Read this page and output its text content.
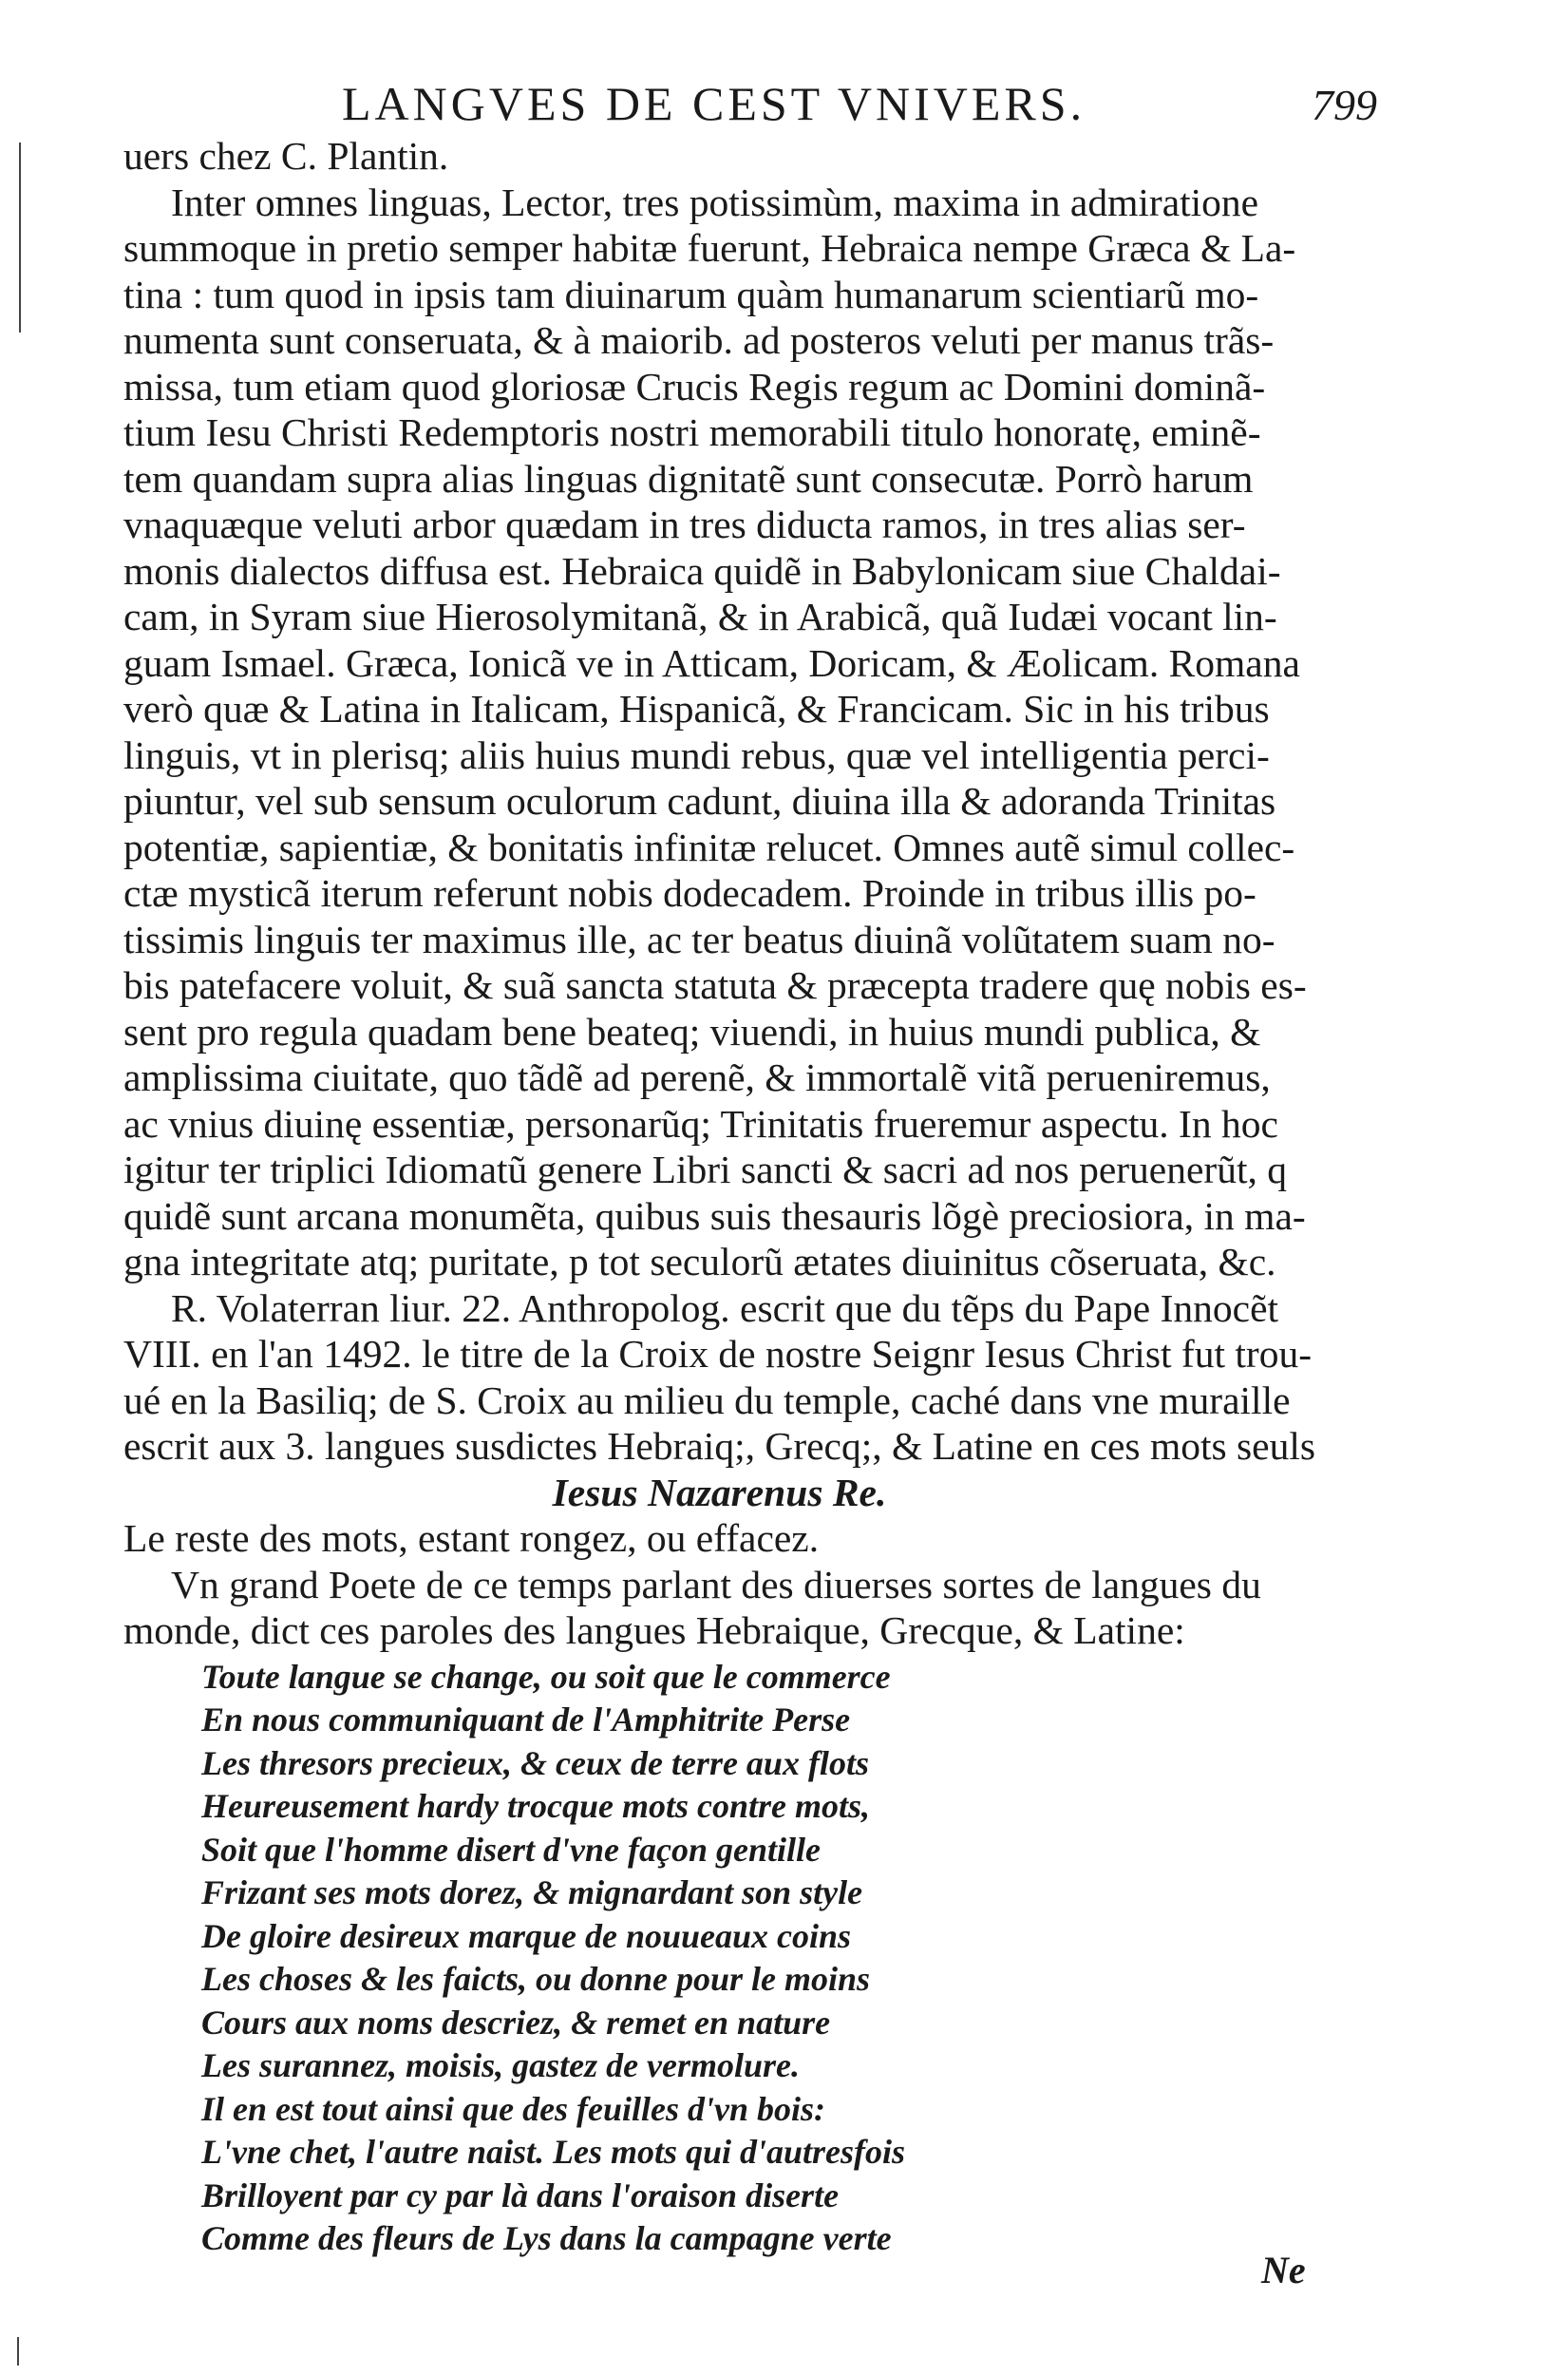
LANGVES DE CEST VNIVERS.	799
uers chez C. Plantin.
Inter omnes linguas, Lector, tres potissimùm, maxima in admiratione
summoque in pretio semper habitæ fuerunt, Hebraica nempe Græca & La-
tina : tum quod in ipsis tam diuinarum quàm humanarum scientiarũ mo-
numenta sunt conseruata, & à maiorib. ad posteros veluti per manus trãs-
missa, tum etiam quod gloriosæ Crucis Regis regum ac Domini dominã-
tium Iesu Christi Redemptoris nostri memorabili titulo honoratę, eminẽ-
tem quandam supra alias linguas dignitatẽ sunt consecutæ. Porrò harum
vnaquæque veluti arbor quædam in tres diducta ramos, in tres alias ser-
monis dialectos diffusa est. Hebraica quidẽ in Babylonicam siue Chaldai-
cam, in Syram siue Hierosolymitanã, & in Arabicã, quã Iudæi vocant lin-
guam Ismael. Græca, Ionicã ve in Atticam, Doricam, & Æolicam. Romana
verò quæ & Latina in Italicam, Hispanicã, & Francicam. Sic in his tribus
linguis, vt in plerisq; aliis huius mundi rebus, quæ vel intelligentia perci-
piuntur, vel sub sensum oculorum cadunt, diuina illa & adoranda Trinitas
potentiæ, sapientiæ, & bonitatis infinitæ relucet. Omnes autẽ simul collec-
ctæ mysticã iterum referunt nobis dodecadem. Proinde in tribus illis po-
tissimis linguis ter maximus ille, ac ter beatus diuinã volũtatem suam no-
bis patefacere voluit, & suã sancta statuta & præcepta tradere quę nobis es-
sent pro regula quadam bene beateq; viuendi, in huius mundi publica, &
amplissima ciuitate, quo tãdẽ ad perenẽ, & immortalẽ vitã perueniremus,
ac vnius diuinę essentiæ, personarũq; Trinitatis frueremur aspectu. In hoc
igitur ter triplici Idiomatũ genere Libri sancti & sacri ad nos peruenerũt, q
quidẽ sunt arcana monumẽta, quibus suis thesauris lõgè preciosiora, in ma-
gna integritate atq; puritate, p tot seculorũ ætates diuinitus cõseruata, &c.
R. Volaterran liur. 22. Anthropolog. escrit que du tẽps du Pape Innocẽt
VIII. en l'an 1492. le titre de la Croix de nostre Seignr Iesus Christ fut trou-
ué en la Basiliq; de S. Croix au milieu du temple, caché dans vne muraille
escrit aux 3. langues susdictes Hebraiq;, Grecq;, & Latine en ces mots seuls
Iesus Nazarenus Re.
Le reste des mots, estant rongez, ou effacez.
Vn grand Poete de ce temps parlant des diuerses sortes de langues du
monde, dict ces paroles des langues Hebraique, Grecque, & Latine:
Toute langue se change, ou soit que le commerce
En nous communiquant de l'Amphitrite Perse
Les thresors precieux, & ceux de terre aux flots
Heureusement hardy trocque mots contre mots,
Soit que l'homme disert d'vne façon gentille
Frizant ses mots dorez, & mignardant son style
De gloire desireux marque de nouueaux coins
Les choses & les faicts, ou donne pour le moins
Cours aux noms descriez, & remet en nature
Les surannez, moisis, gastez de vermolure.
Il en est tout ainsi que des feuilles d'vn bois:
L'vne chet, l'autre naist. Les mots qui d'autresfois
Brilloyent par cy par là dans l'oraison diserte
Comme des fleurs de Lys dans la campagne verte
Ne
